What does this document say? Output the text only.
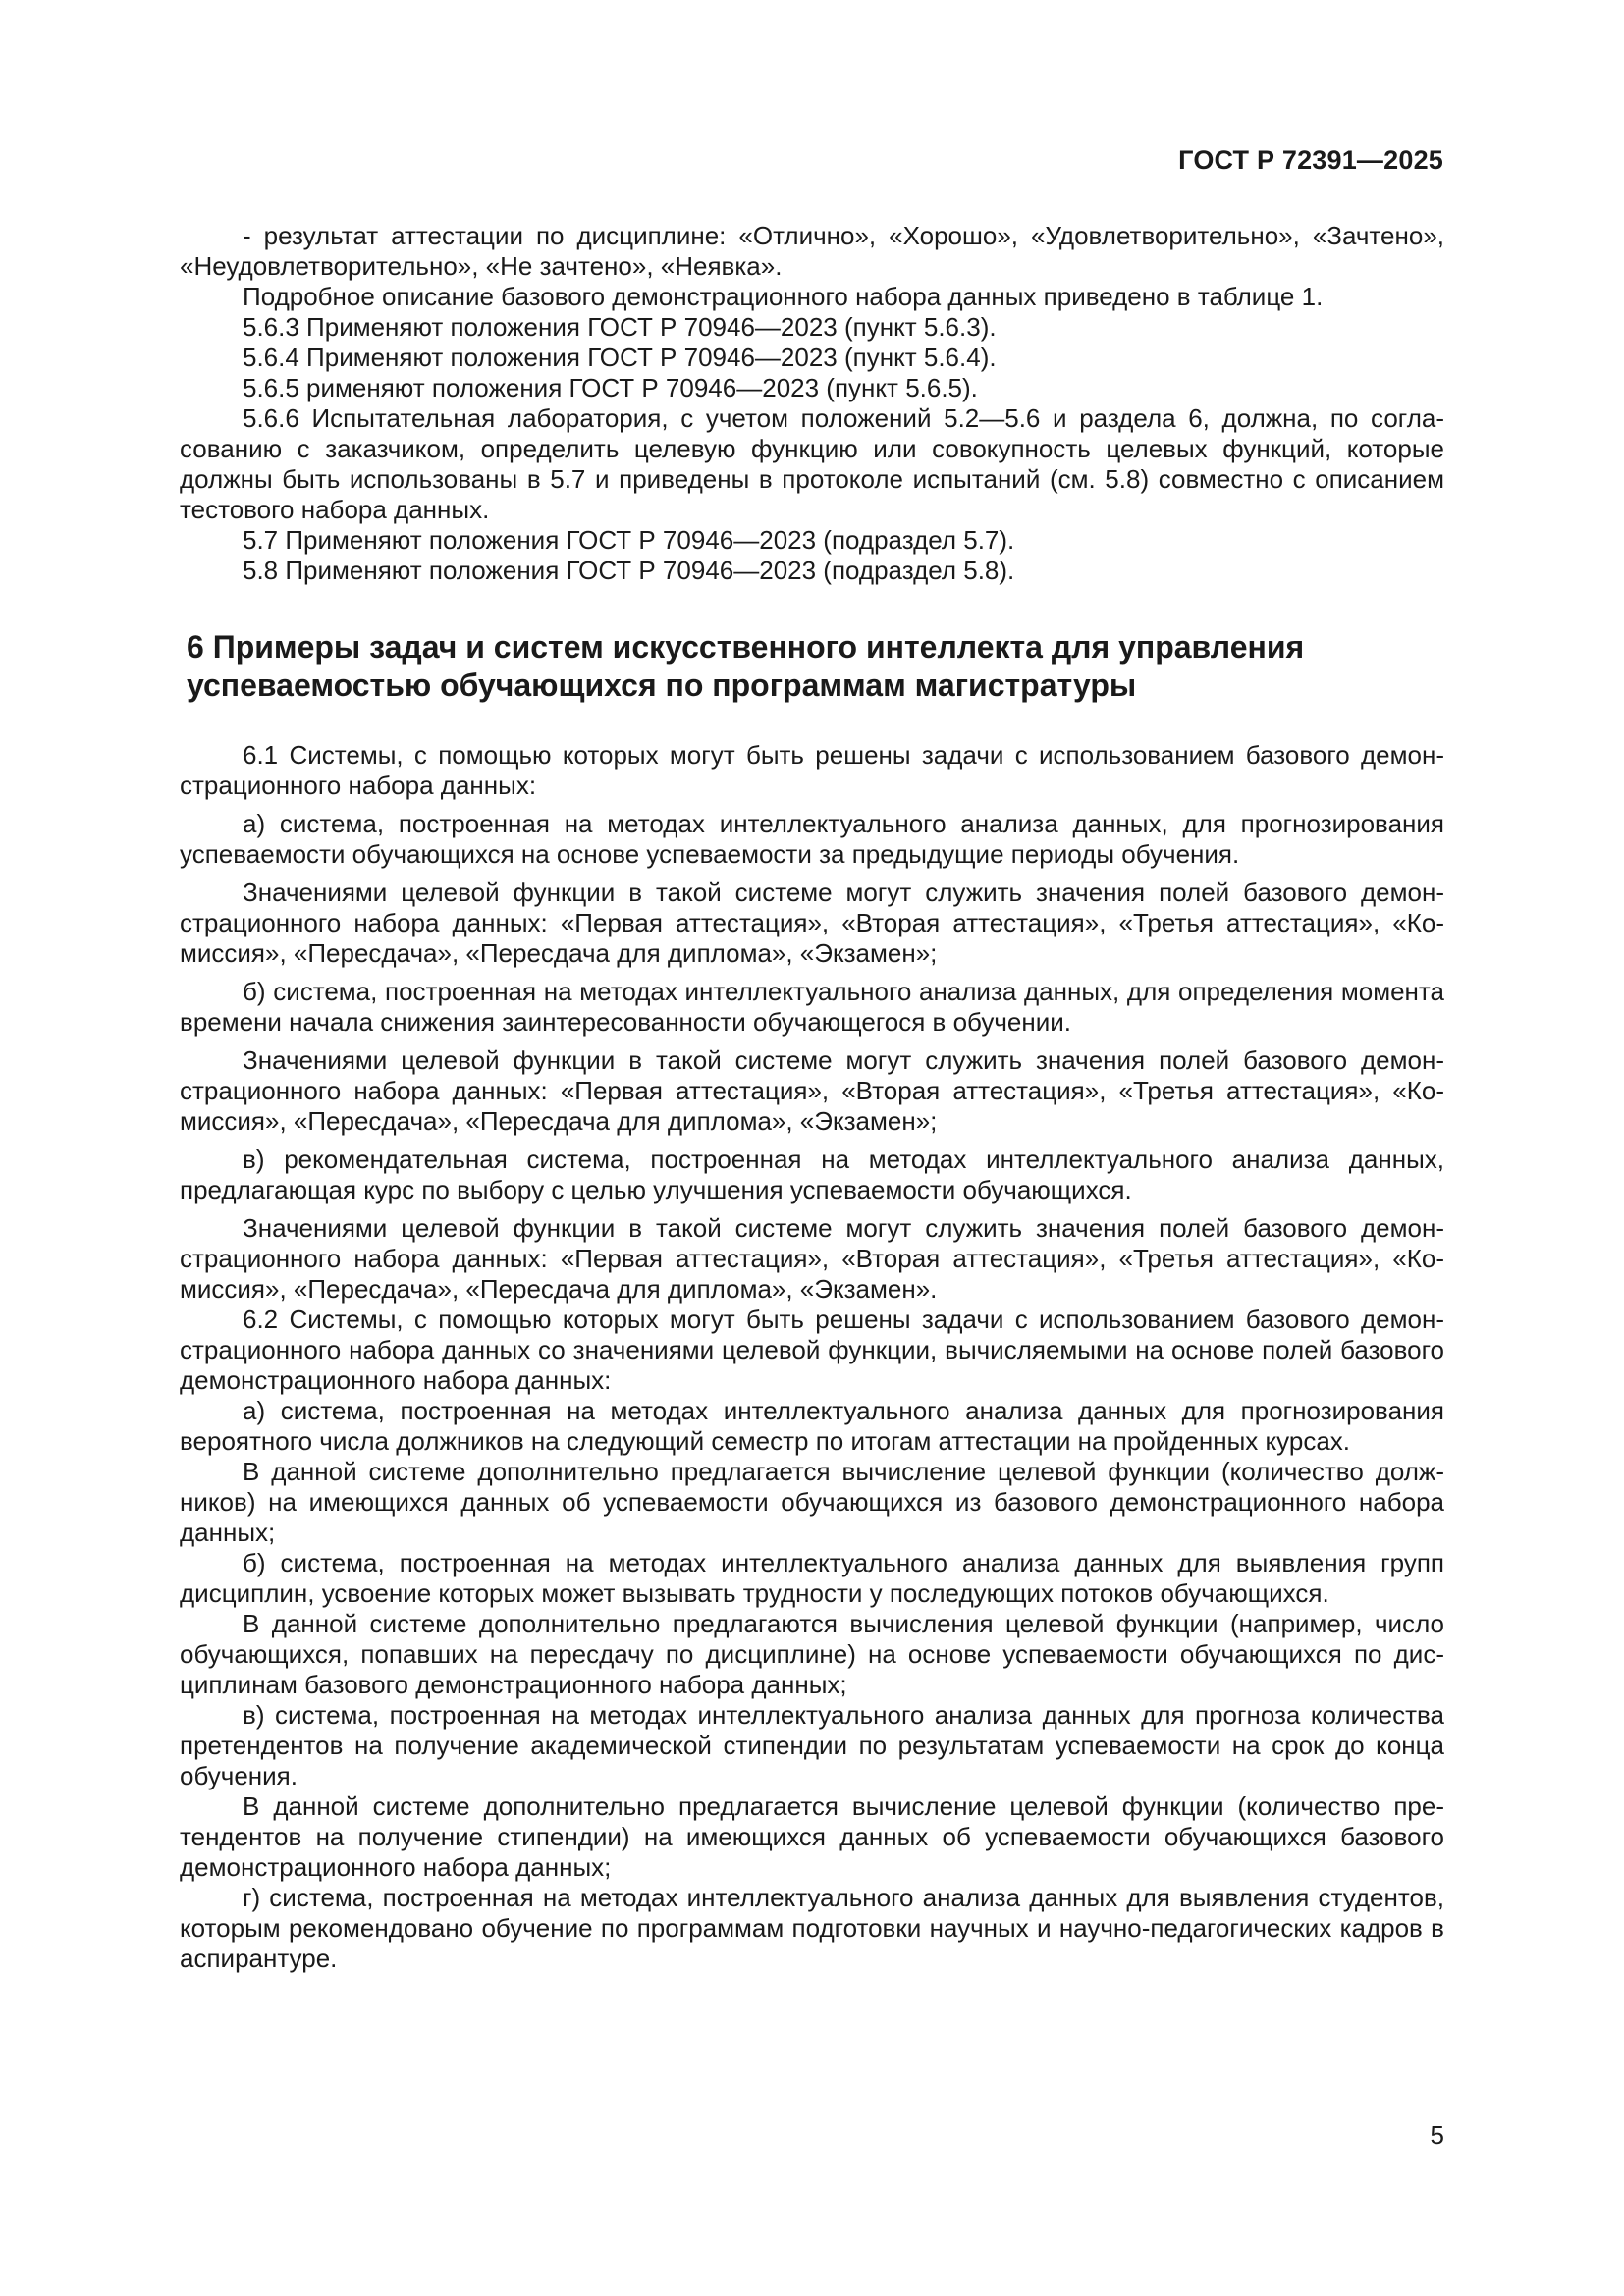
ГОСТ Р 72391—2025

- результат аттестации по дисциплине: «Отлично», «Хорошо», «Удовлетворительно», «Зачтено», «Неудовлетворительно», «Не зачтено», «Неявка».

Подробное описание базового демонстрационного набора данных приведено в таблице 1.

5.6.3 Применяют положения ГОСТ Р 70946—2023 (пункт 5.6.3).

5.6.4 Применяют положения ГОСТ Р 70946—2023 (пункт 5.6.4).

5.6.5 рименяют положения ГОСТ Р 70946—2023 (пункт 5.6.5).

5.6.6 Испытательная лаборатория, с учетом положений 5.2—5.6 и раздела 6, должна, по согласованию с заказчиком, определить целевую функцию или совокупность целевых функций, которые должны быть использованы в 5.7 и приведены в протоколе испытаний (см. 5.8) совместно с описанием тестового набора данных.

5.7 Применяют положения ГОСТ Р 70946—2023 (подраздел 5.7).

5.8 Применяют положения ГОСТ Р 70946—2023 (подраздел 5.8).

6 Примеры задач и систем искусственного интеллекта для управления
успеваемостью обучающихся по программам магистратуры

6.1 Системы, с помощью которых могут быть решены задачи с использованием базового демонстрационного набора данных:

а) система, построенная на методах интеллектуального анализа данных, для прогнозирования успеваемости обучающихся на основе успеваемости за предыдущие периоды обучения.

Значениями целевой функции в такой системе могут служить значения полей базового демонстрационного набора данных: «Первая аттестация», «Вторая аттестация», «Третья аттестация», «Комиссия», «Пересдача», «Пересдача для диплома», «Экзамен»;

б) система, построенная на методах интеллектуального анализа данных, для определения момента времени начала снижения заинтересованности обучающегося в обучении.

Значениями целевой функции в такой системе могут служить значения полей базового демонстрационного набора данных: «Первая аттестация», «Вторая аттестация», «Третья аттестация», «Комиссия», «Пересдача», «Пересдача для диплома», «Экзамен»;

в) рекомендательная система, построенная на методах интеллектуального анализа данных, предлагающая курс по выбору с целью улучшения успеваемости обучающихся.

Значениями целевой функции в такой системе могут служить значения полей базового демонстрационного набора данных: «Первая аттестация», «Вторая аттестация», «Третья аттестация», «Комиссия», «Пересдача», «Пересдача для диплома», «Экзамен».

6.2 Системы, с помощью которых могут быть решены задачи с использованием базового демонстрационного набора данных со значениями целевой функции, вычисляемыми на основе полей базового демонстрационного набора данных:

а) система, построенная на методах интеллектуального анализа данных для прогнозирования вероятного числа должников на следующий семестр по итогам аттестации на пройденных курсах.

В данной системе дополнительно предлагается вычисление целевой функции (количество должников) на имеющихся данных об успеваемости обучающихся из базового демонстрационного набора данных;

б) система, построенная на методах интеллектуального анализа данных для выявления групп дисциплин, усвоение которых может вызывать трудности у последующих потоков обучающихся.

В данной системе дополнительно предлагаются вычисления целевой функции (например, число обучающихся, попавших на пересдачу по дисциплине) на основе успеваемости обучающихся по дисциплинам базового демонстрационного набора данных;

в) система, построенная на методах интеллектуального анализа данных для прогноза количества претендентов на получение академической стипендии по результатам успеваемости на срок до конца обучения.

В данной системе дополнительно предлагается вычисление целевой функции (количество претендентов на получение стипендии) на имеющихся данных об успеваемости обучающихся базового демонстрационного набора данных;

г) система, построенная на методах интеллектуального анализа данных для выявления студентов, которым рекомендовано обучение по программам подготовки научных и научно-педагогических кадров в аспирантуре.

5
